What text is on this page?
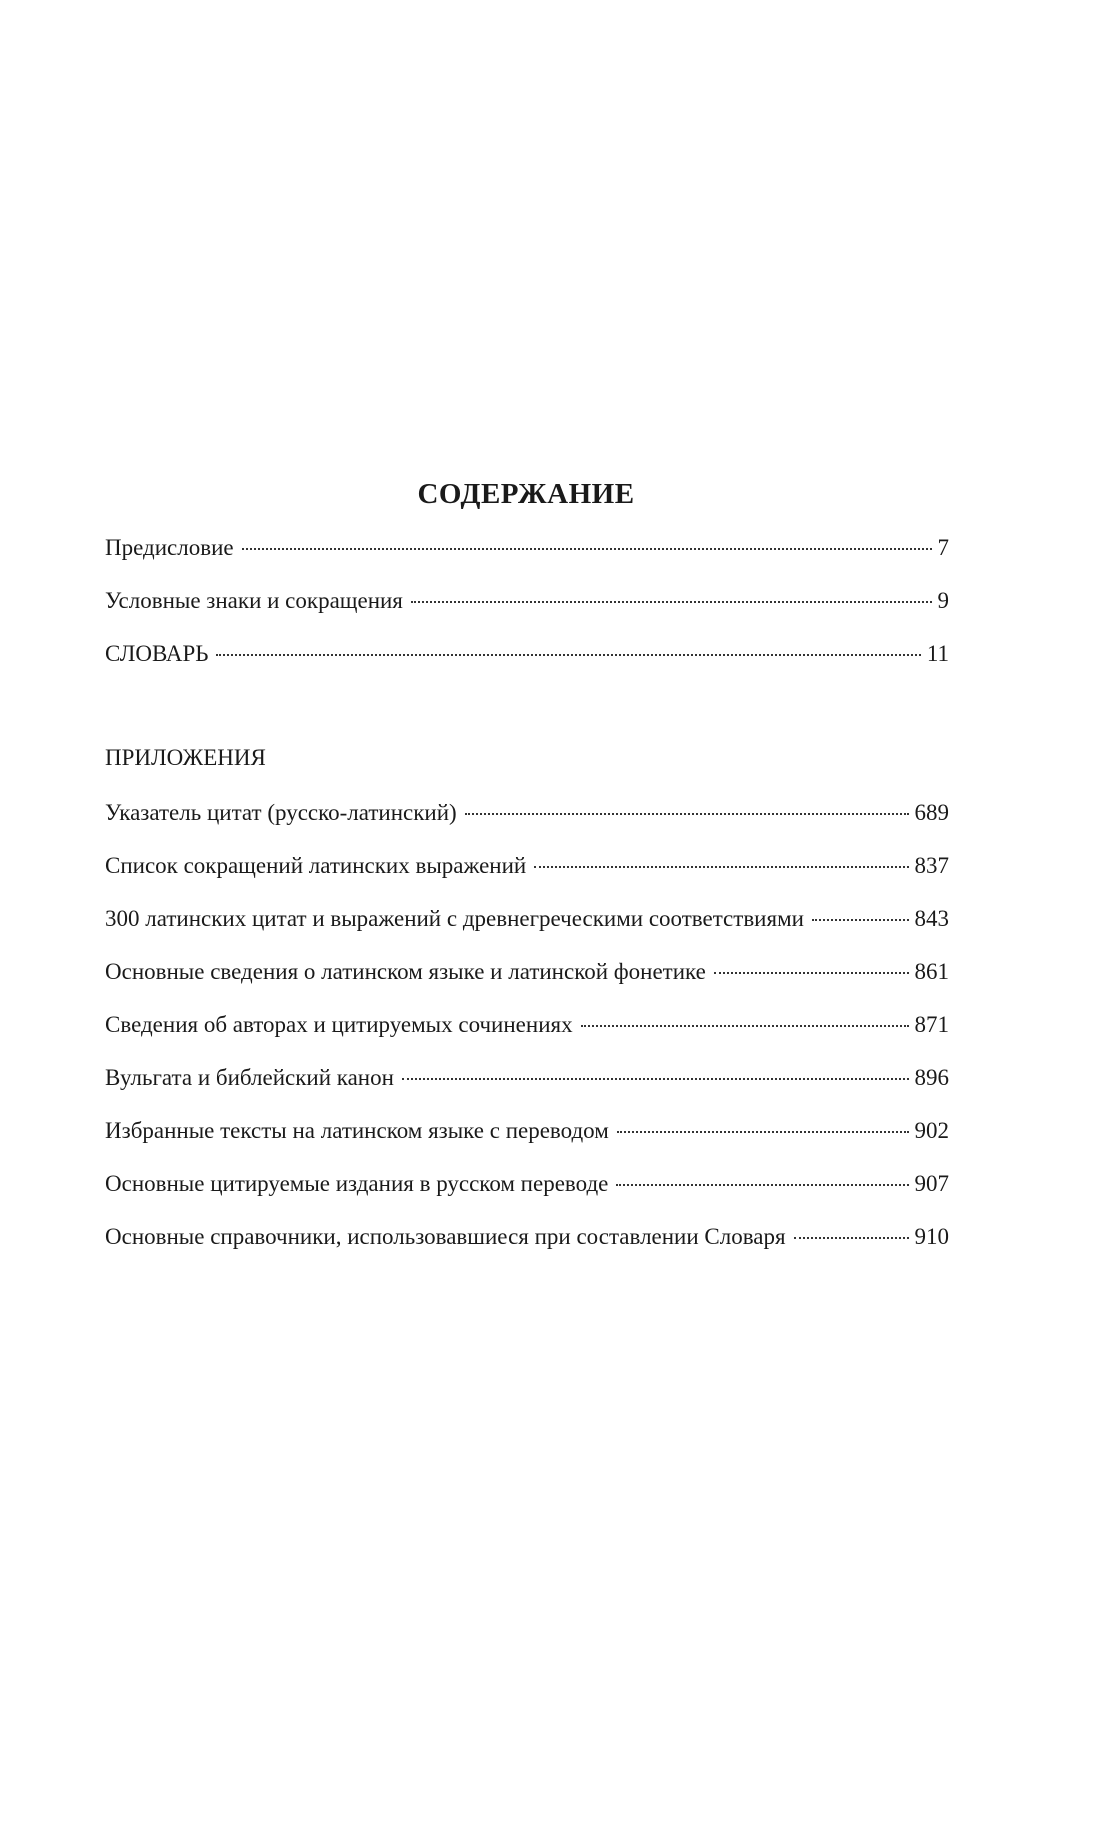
СОДЕРЖАНИЕ
Предисловие	7
Условные знаки и сокращения	9
СЛОВАРЬ	11
ПРИЛОЖЕНИЯ
Указатель цитат (русско-латинский)	689
Список сокращений латинских выражений	837
300 латинских цитат и выражений с древнегреческими соответствиями	843
Основные сведения о латинском языке и латинской фонетике	861
Сведения об авторах и цитируемых сочинениях	871
Вульгата и библейский канон	896
Избранные тексты на латинском языке с переводом	902
Основные цитируемые издания в русском переводе	907
Основные справочники, использовавшиеся при составлении Словаря	910
